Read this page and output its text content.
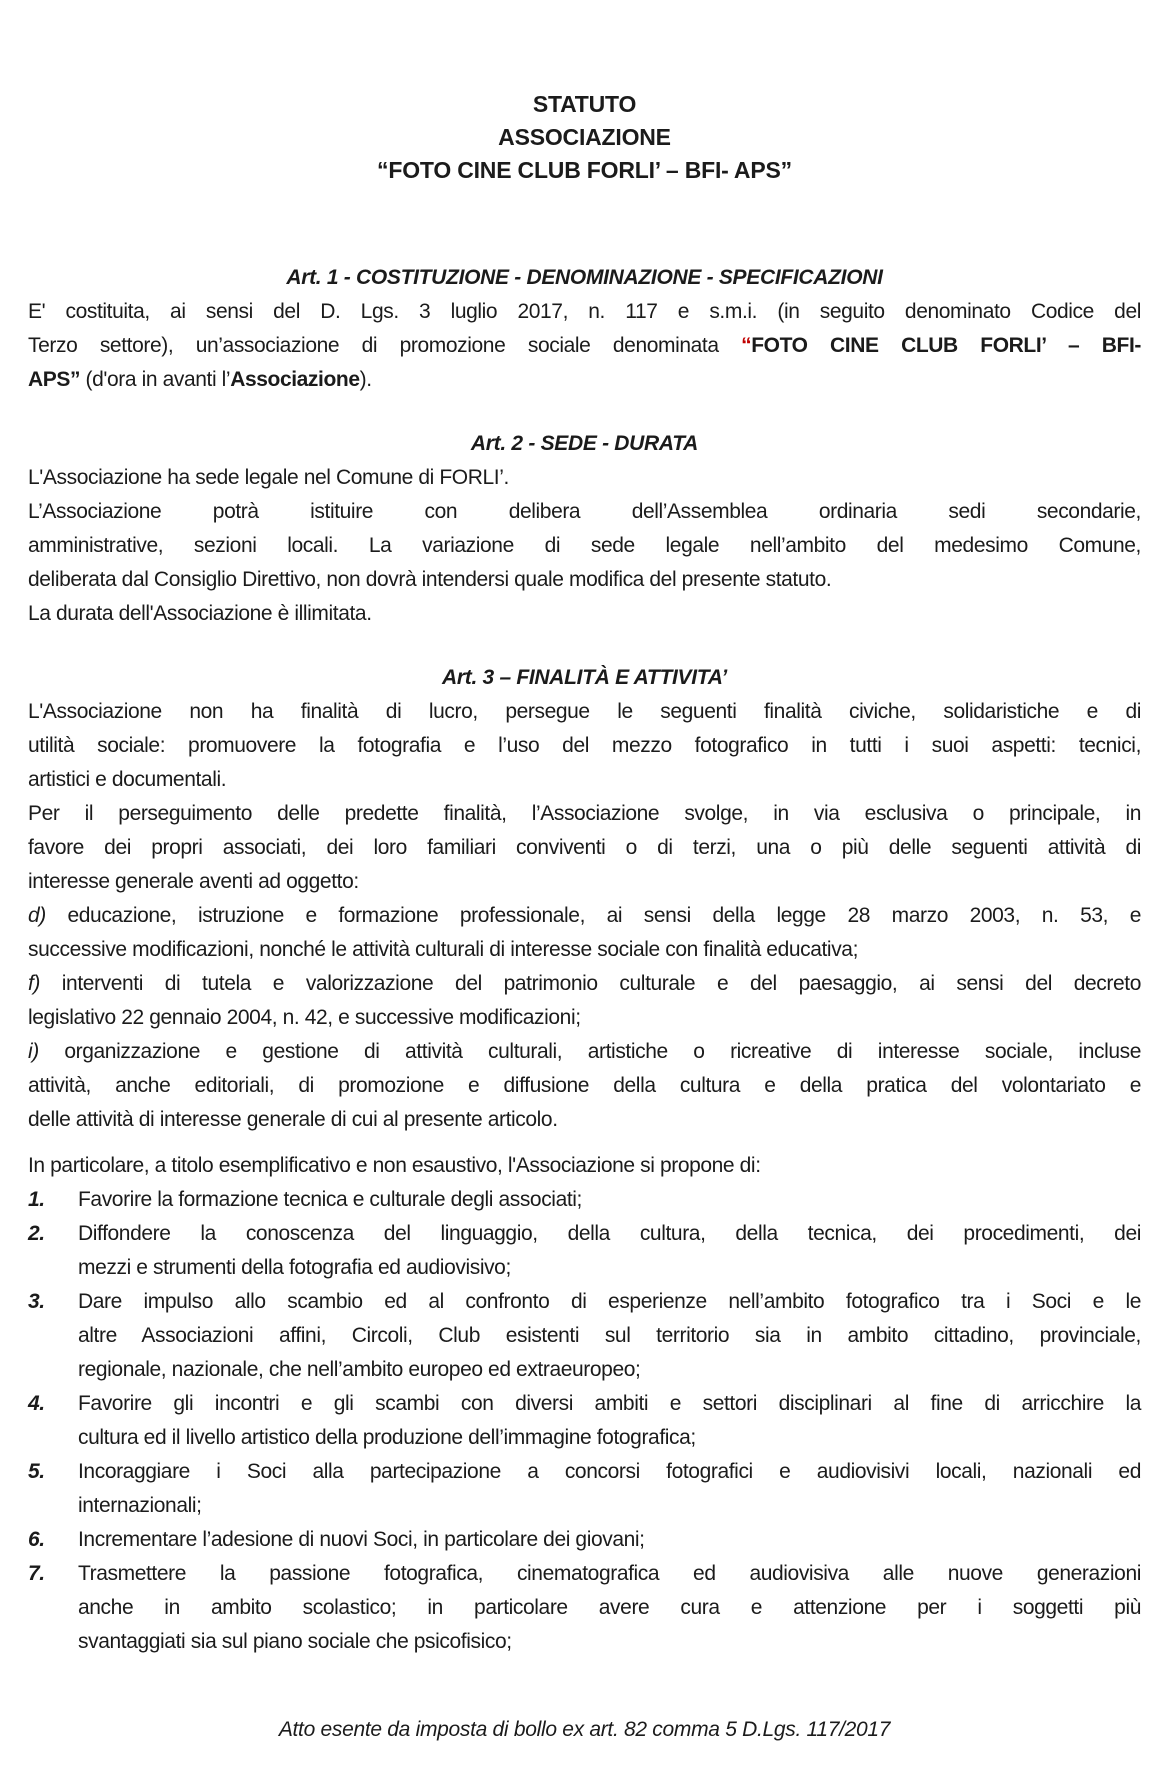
STATUTO
ASSOCIAZIONE
“FOTO CINE CLUB FORLI’ – BFI- APS”
Art. 1 - COSTITUZIONE - DENOMINAZIONE - SPECIFICAZIONI
E' costituita, ai sensi del D. Lgs. 3 luglio 2017, n. 117 e s.m.i. (in seguito denominato Codice del
Terzo settore), un’associazione di promozione sociale denominata “FOTO CINE CLUB FORLI’ – BFI-
APS” (d'ora in avanti l’Associazione).
Art. 2 - SEDE - DURATA
L'Associazione ha sede legale nel Comune di FORLI’.
L’Associazione potrà istituire con delibera dell’Assemblea ordinaria sedi secondarie,
amministrative, sezioni locali. La variazione di sede legale nell’ambito del medesimo Comune,
deliberata dal Consiglio Direttivo, non dovrà intendersi quale modifica del presente statuto.
La durata dell'Associazione è illimitata.
Art. 3 – FINALITÀ E ATTIVITA’
L'Associazione non ha finalità di lucro, persegue le seguenti finalità civiche, solidaristiche e di
utilità sociale: promuovere la fotografia e l’uso del mezzo fotografico in tutti i suoi aspetti: tecnici,
artistici e documentali.
Per il perseguimento delle predette finalità, l’Associazione svolge, in via esclusiva o principale, in
favore dei propri associati, dei loro familiari conviventi o di terzi, una o più delle seguenti attività di
interesse generale aventi ad oggetto:
d) educazione, istruzione e formazione professionale, ai sensi della legge 28 marzo 2003, n. 53, e
successive modificazioni, nonché le attività culturali di interesse sociale con finalità educativa;
f) interventi di tutela e valorizzazione del patrimonio culturale e del paesaggio, ai sensi del decreto
legislativo 22 gennaio 2004, n. 42, e successive modificazioni;
i) organizzazione e gestione di attività culturali, artistiche o ricreative di interesse sociale, incluse
attività, anche editoriali, di promozione e diffusione della cultura e della pratica del volontariato e
delle attività di interesse generale di cui al presente articolo.
In particolare, a titolo esemplificativo e non esaustivo, l'Associazione si propone di:
1.	Favorire la formazione tecnica e culturale degli associati;
2.	Diffondere la conoscenza del linguaggio, della cultura, della tecnica, dei procedimenti, dei
mezzi e strumenti della fotografia ed audiovisivo;
3.	Dare impulso allo scambio ed al confronto di esperienze nell’ambito fotografico tra i Soci e le
altre Associazioni affini, Circoli, Club esistenti sul territorio sia in ambito cittadino, provinciale,
regionale, nazionale, che nell’ambito europeo ed extraeuropeo;
4.	Favorire gli incontri e gli scambi con diversi ambiti e settori disciplinari al fine di arricchire la
cultura ed il livello artistico della produzione dell’immagine fotografica;
5.	Incoraggiare i Soci alla partecipazione a concorsi fotografici e audiovisivi locali, nazionali ed
internazionali;
6.	Incrementare l’adesione di nuovi Soci, in particolare dei giovani;
7.	Trasmettere la passione fotografica, cinematografica ed audiovisiva alle nuove generazioni
anche in ambito scolastico; in particolare avere cura e attenzione per i soggetti più
svantaggiati sia sul piano sociale che psicofisico;
Atto esente da imposta di bollo ex art. 82 comma 5 D.Lgs. 117/2017
